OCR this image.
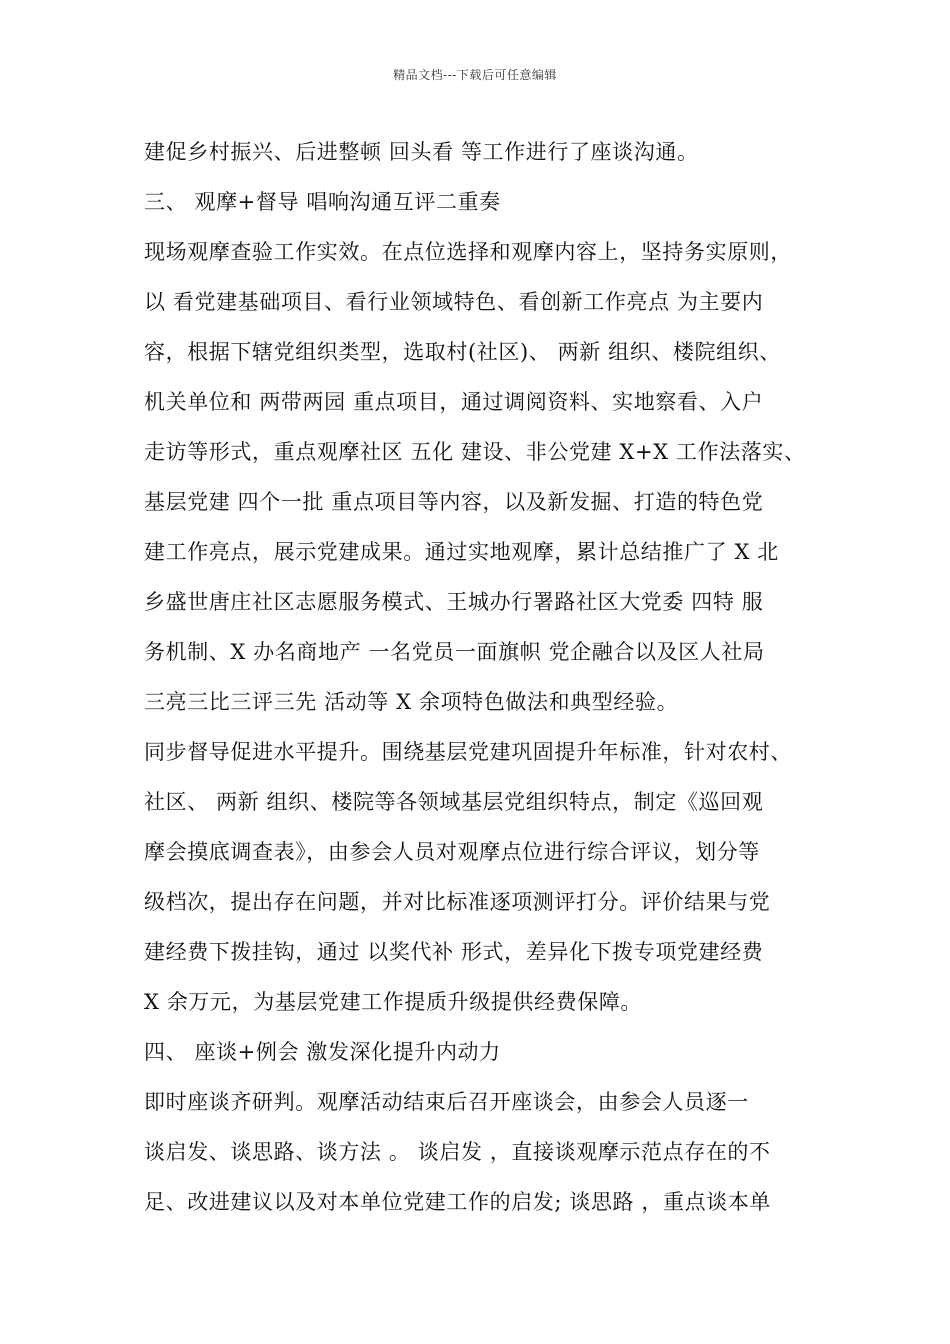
精品文档---下载后可任意编辑
建促乡村振兴、后进整顿 回头看 等工作进行了座谈沟通。
三、 观摩+督导 唱响沟通互评二重奏
现场观摩查验工作实效。在点位选择和观摩内容上，坚持务实原则，
以 看党建基础项目、看行业领域特色、看创新工作亮点 为主要内
容，根据下辖党组织类型，选取村(社区)、 两新 组织、楼院组织、
机关单位和 两带两园 重点项目，通过调阅资料、实地察看、入户
走访等形式，重点观摩社区 五化 建设、非公党建 X+X 工作法落实、
基层党建 四个一批 重点项目等内容，以及新发掘、打造的特色党
建工作亮点，展示党建成果。通过实地观摩，累计总结推广了 X 北
乡盛世唐庄社区志愿服务模式、王城办行署路社区大党委 四特 服
务机制、X 办名商地产 一名党员一面旗帜 党企融合以及区人社局
三亮三比三评三先 活动等 X 余项特色做法和典型经验。
同步督导促进水平提升。围绕基层党建巩固提升年标准，针对农村、
社区、 两新 组织、楼院等各领域基层党组织特点，制定《巡回观
摩会摸底调查表》，由参会人员对观摩点位进行综合评议，划分等
级档次，提出存在问题，并对比标准逐项测评打分。评价结果与党
建经费下拨挂钩，通过 以奖代补 形式，差异化下拨专项党建经费
X 余万元，为基层党建工作提质升级提供经费保障。
四、 座谈+例会 激发深化提升内动力
即时座谈齐研判。观摩活动结束后召开座谈会，由参会人员逐一
谈启发、谈思路、谈方法 。 谈启发 ，直接谈观摩示范点存在的不
足、改进建议以及对本单位党建工作的启发; 谈思路 ，重点谈本单
